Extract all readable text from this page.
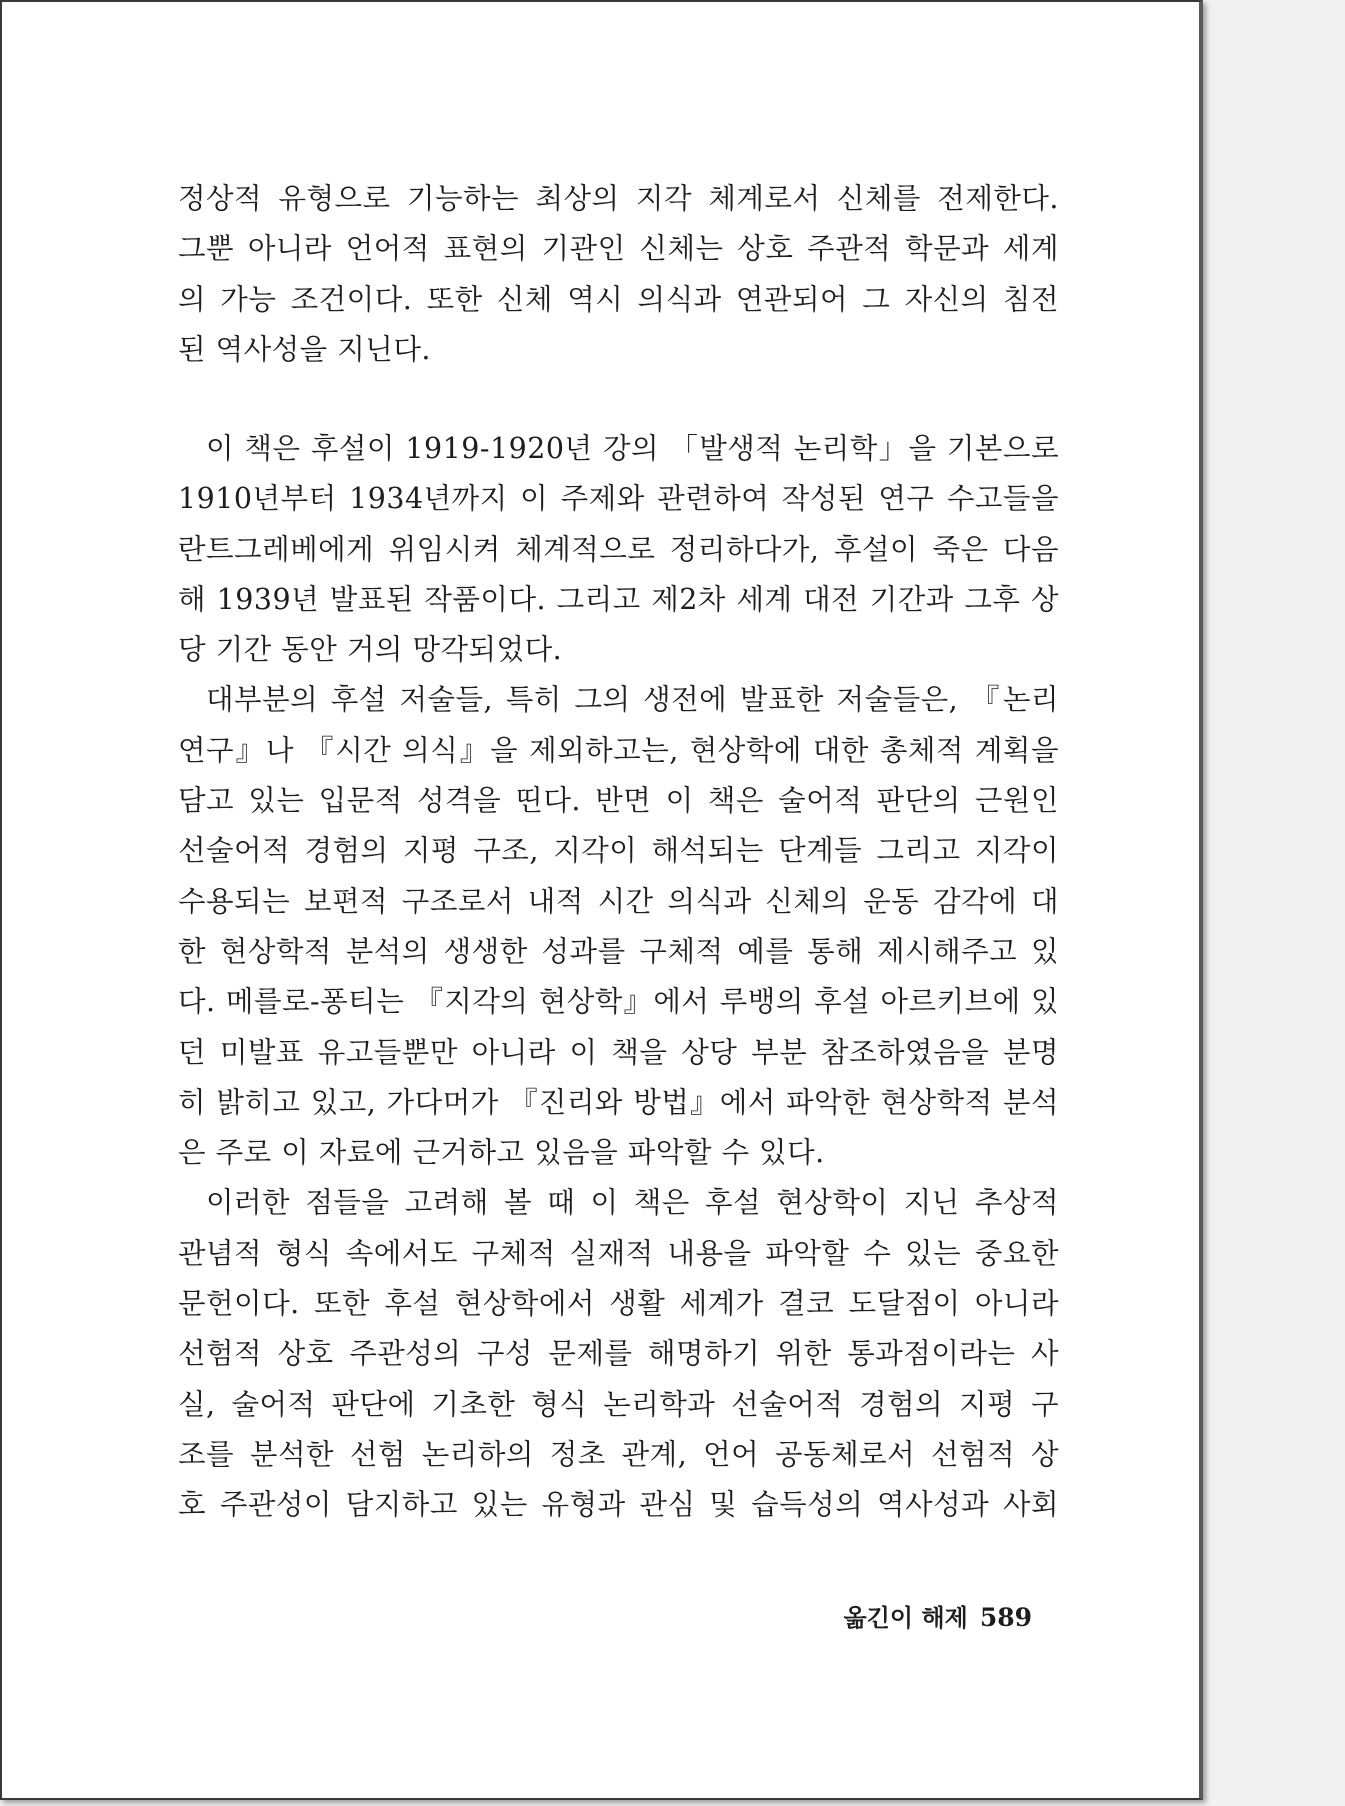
정상적 유형으로 기능하는 최상의 지각 체계로서 신체를 전제한다.

그뿐 아니라 언어적 표현의 기관인 신체는 상호 주관적 학문과 세계

의 가능 조건이다. 또한 신체 역시 의식과 연관되어 그 자신의 침전

된 역사성을 지닌다.

이 책은 후설이 1919-1920년 강의 「발생적 논리학」을 기본으로

1910년부터 1934년까지 이 주제와 관련하여 작성된 연구 수고들을

란트그레베에게 위임시켜 체계적으로 정리하다가, 후설이 죽은 다음

해 1939년 발표된 작품이다. 그리고 제2차 세계 대전 기간과 그후 상

당 기간 동안 거의 망각되었다.

대부분의 후설 저술들, 특히 그의 생전에 발표한 저술들은, 『논리

연구』나 『시간 의식』을 제외하고는, 현상학에 대한 총체적 계획을

담고 있는 입문적 성격을 띤다. 반면 이 책은 술어적 판단의 근원인

선술어적 경험의 지평 구조, 지각이 해석되는 단계들 그리고 지각이

수용되는 보편적 구조로서 내적 시간 의식과 신체의 운동 감각에 대

한 현상학적 분석의 생생한 성과를 구체적 예를 통해 제시해주고 있

다. 메를로-퐁티는 『지각의 현상학』에서 루뱅의 후설 아르키브에 있

던 미발표 유고들뿐만 아니라 이 책을 상당 부분 참조하였음을 분명

히 밝히고 있고, 가다머가 『진리와 방법』에서 파악한 현상학적 분석

은 주로 이 자료에 근거하고 있음을 파악할 수 있다.

이러한 점들을 고려해 볼 때 이 책은 후설 현상학이 지닌 추상적

관념적 형식 속에서도 구체적 실재적 내용을 파악할 수 있는 중요한

문헌이다. 또한 후설 현상학에서 생활 세계가 결코 도달점이 아니라

선험적 상호 주관성의 구성 문제를 해명하기 위한 통과점이라는 사

실, 술어적 판단에 기초한 형식 논리학과 선술어적 경험의 지평 구

조를 분석한 선험 논리하의 정초 관계, 언어 공동체로서 선험적 상

호 주관성이 담지하고 있는 유형과 관심 및 습득성의 역사성과 사회

옮긴이 해제 589
